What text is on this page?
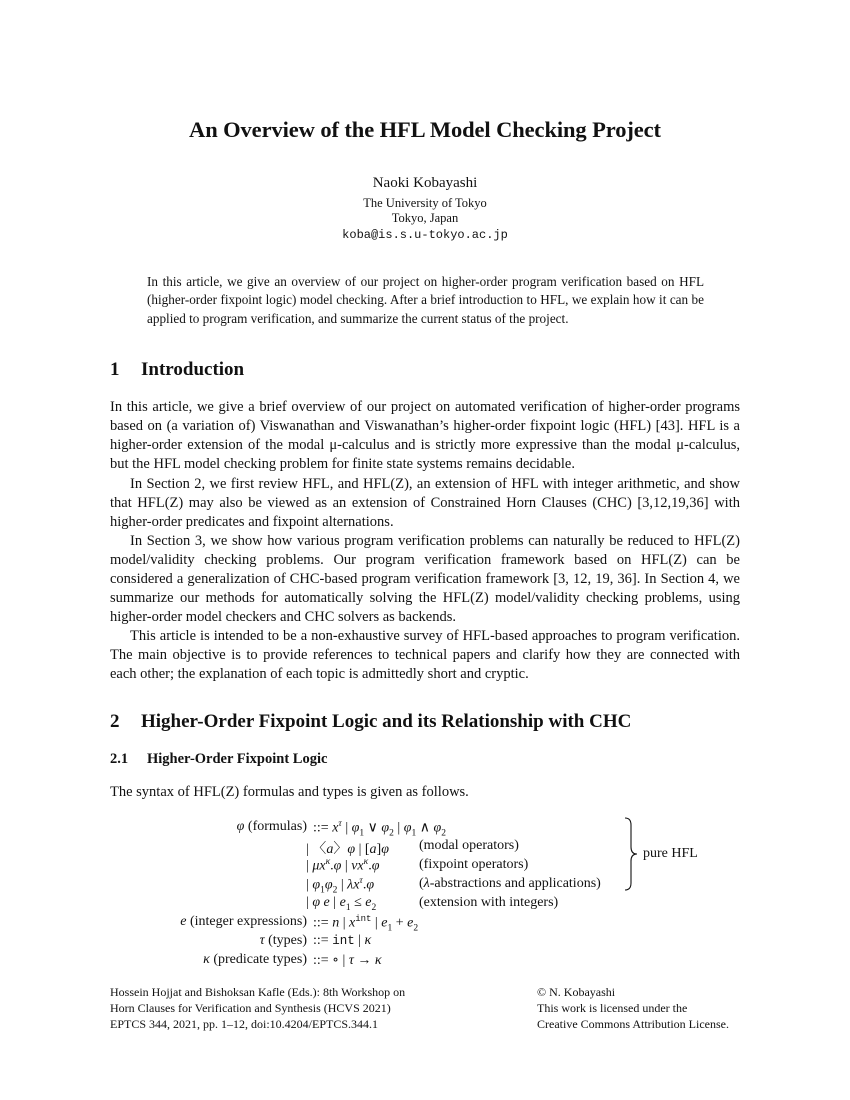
An Overview of the HFL Model Checking Project
Naoki Kobayashi
The University of Tokyo
Tokyo, Japan
koba@is.s.u-tokyo.ac.jp
In this article, we give an overview of our project on higher-order program verification based on HFL (higher-order fixpoint logic) model checking. After a brief introduction to HFL, we explain how it can be applied to program verification, and summarize the current status of the project.
1 Introduction
In this article, we give a brief overview of our project on automated verification of higher-order programs based on (a variation of) Viswanathan and Viswanathan’s higher-order fixpoint logic (HFL) [43]. HFL is a higher-order extension of the modal μ-calculus and is strictly more expressive than the modal μ-calculus, but the HFL model checking problem for finite state systems remains decidable.
In Section 2, we first review HFL, and HFL(Z), an extension of HFL with integer arithmetic, and show that HFL(Z) may also be viewed as an extension of Constrained Horn Clauses (CHC) [3,12,19,36] with higher-order predicates and fixpoint alternations.
In Section 3, we show how various program verification problems can naturally be reduced to HFL(Z) model/validity checking problems. Our program verification framework based on HFL(Z) can be considered a generalization of CHC-based program verification framework [3, 12, 19, 36]. In Section 4, we summarize our methods for automatically solving the HFL(Z) model/validity checking problems, using higher-order model checkers and CHC solvers as backends.
This article is intended to be a non-exhaustive survey of HFL-based approaches to program verification. The main objective is to provide references to technical papers and clarify how they are connected with each other; the explanation of each topic is admittedly short and cryptic.
2 Higher-Order Fixpoint Logic and its Relationship with CHC
2.1 Higher-Order Fixpoint Logic
The syntax of HFL(Z) formulas and types is given as follows.
φ (formulas) ::= $x^\tau$ | $\varphi_1$ ∨ $\varphi_2$ | $\varphi_1$ ∧ $\varphi_2$
| 〈a〉φ | [a]φ (modal operators)
| $\mu x^\kappa.\varphi$ | $\nu x^\kappa.\varphi$	(fixpoint operators)
| $\varphi_1\varphi_2$ | $\lambda x^\tau.\varphi$	(λ-abstractions and applications)
| φ e | $e_1 \le e_2$	(extension with integers)
e (integer expressions) ::= n | $x^{int}$ | $e_1 + e_2$
τ (types) ::= int | κ
κ (predicate types) ::= ∘ | τ → κ
pure HFL
Hossein Hojjat and Bishoksan Kafle (Eds.): 8th Workshop on
Horn Clauses for Verification and Synthesis (HCVS 2021)
EPTCS 344, 2021, pp. 1–12, doi:10.4204/EPTCS.344.1
© N. Kobayashi
This work is licensed under the
Creative Commons Attribution License.
